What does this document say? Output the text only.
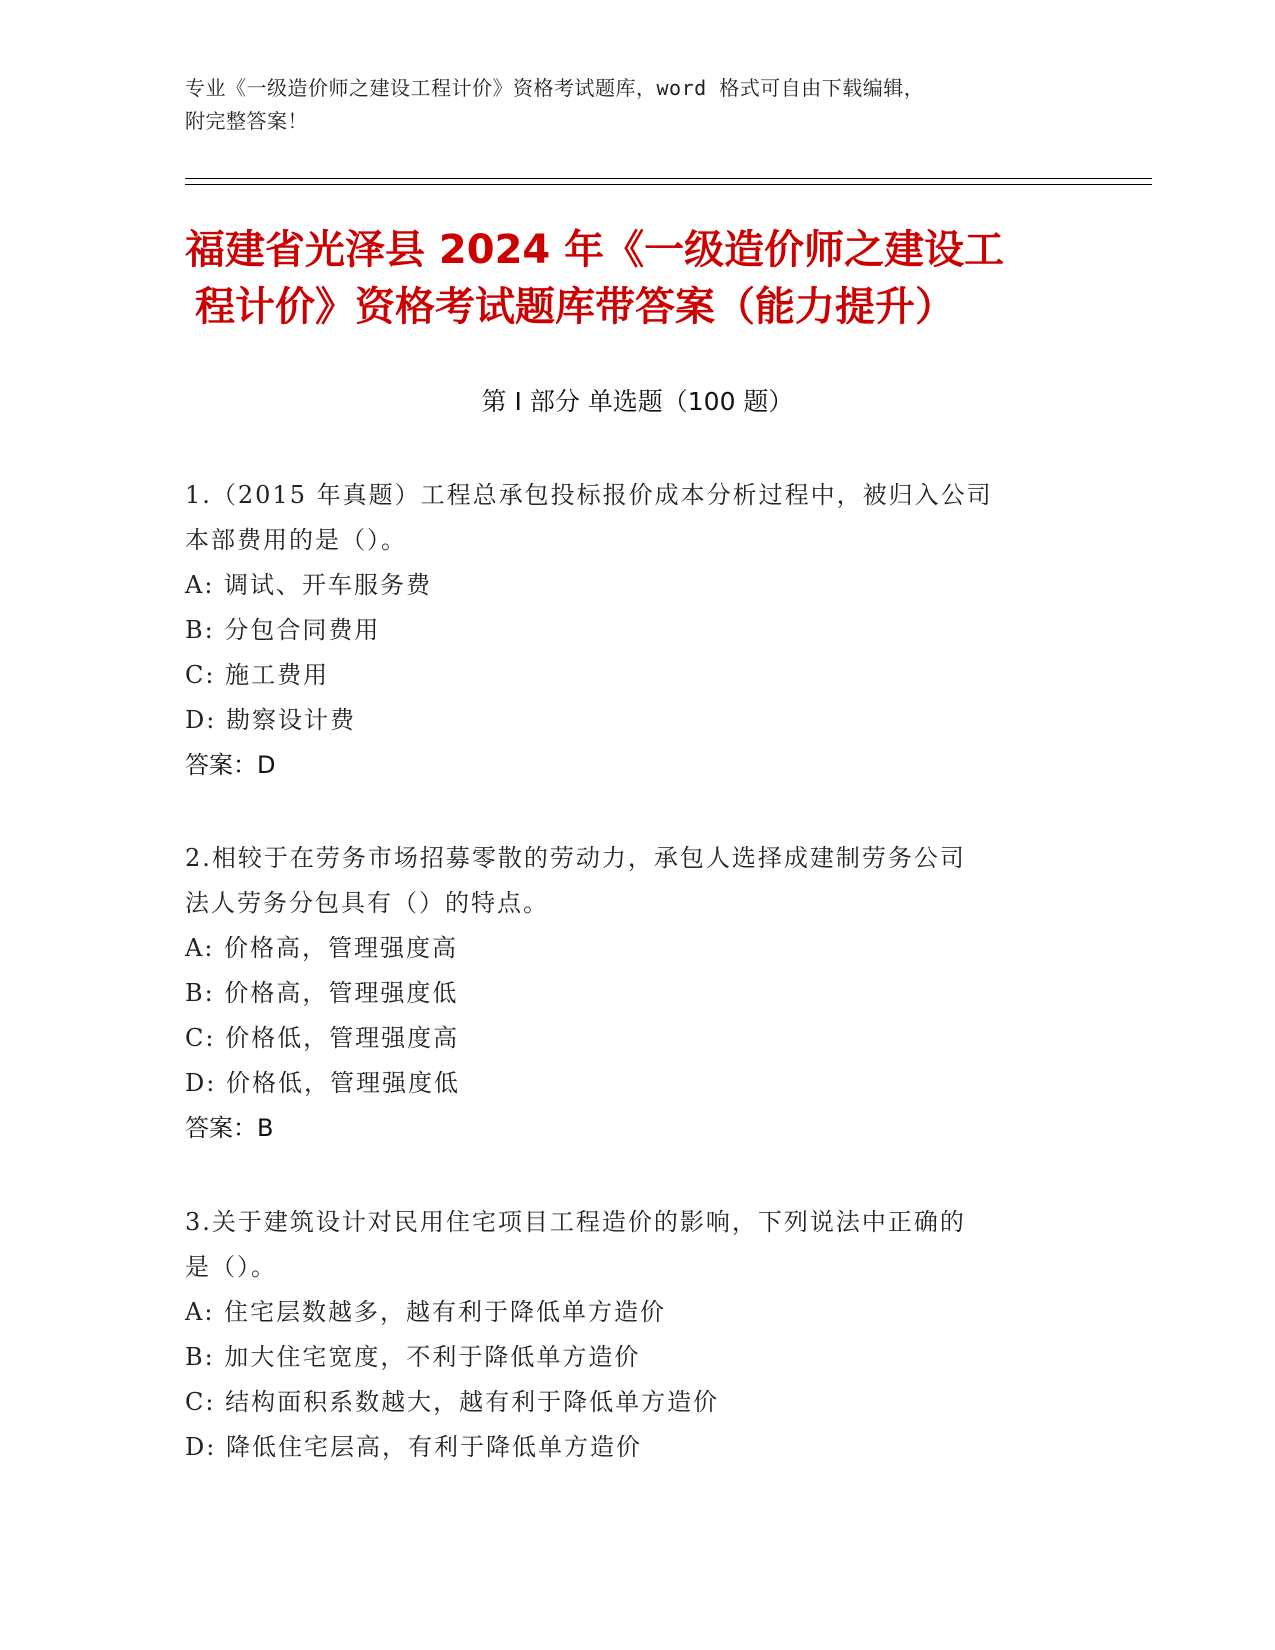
专业《一级造价师之建设工程计价》资格考试题库，word 格式可自由下载编辑，
附完整答案！
福建省光泽县 2024 年《一级造价师之建设工
程计价》资格考试题库带答案（能力提升）
第 I 部分 单选题（100 题）

1.（2015 年真题）工程总承包投标报价成本分析过程中，被归入公司

本部费用的是（）。

A: 调试、开车服务费

B: 分包合同费用

C: 施工费用

D: 勘察设计费

答案：D

2.相较于在劳务市场招募零散的劳动力，承包人选择成建制劳务公司

法人劳务分包具有（）的特点。

A: 价格高，管理强度高

B: 价格高，管理强度低

C: 价格低，管理强度高

D: 价格低，管理强度低

答案：B

3.关于建筑设计对民用住宅项目工程造价的影响，下列说法中正确的

是（）。

A: 住宅层数越多，越有利于降低单方造价

B: 加大住宅宽度，不利于降低单方造价

C: 结构面积系数越大，越有利于降低单方造价

D: 降低住宅层高，有利于降低单方造价
